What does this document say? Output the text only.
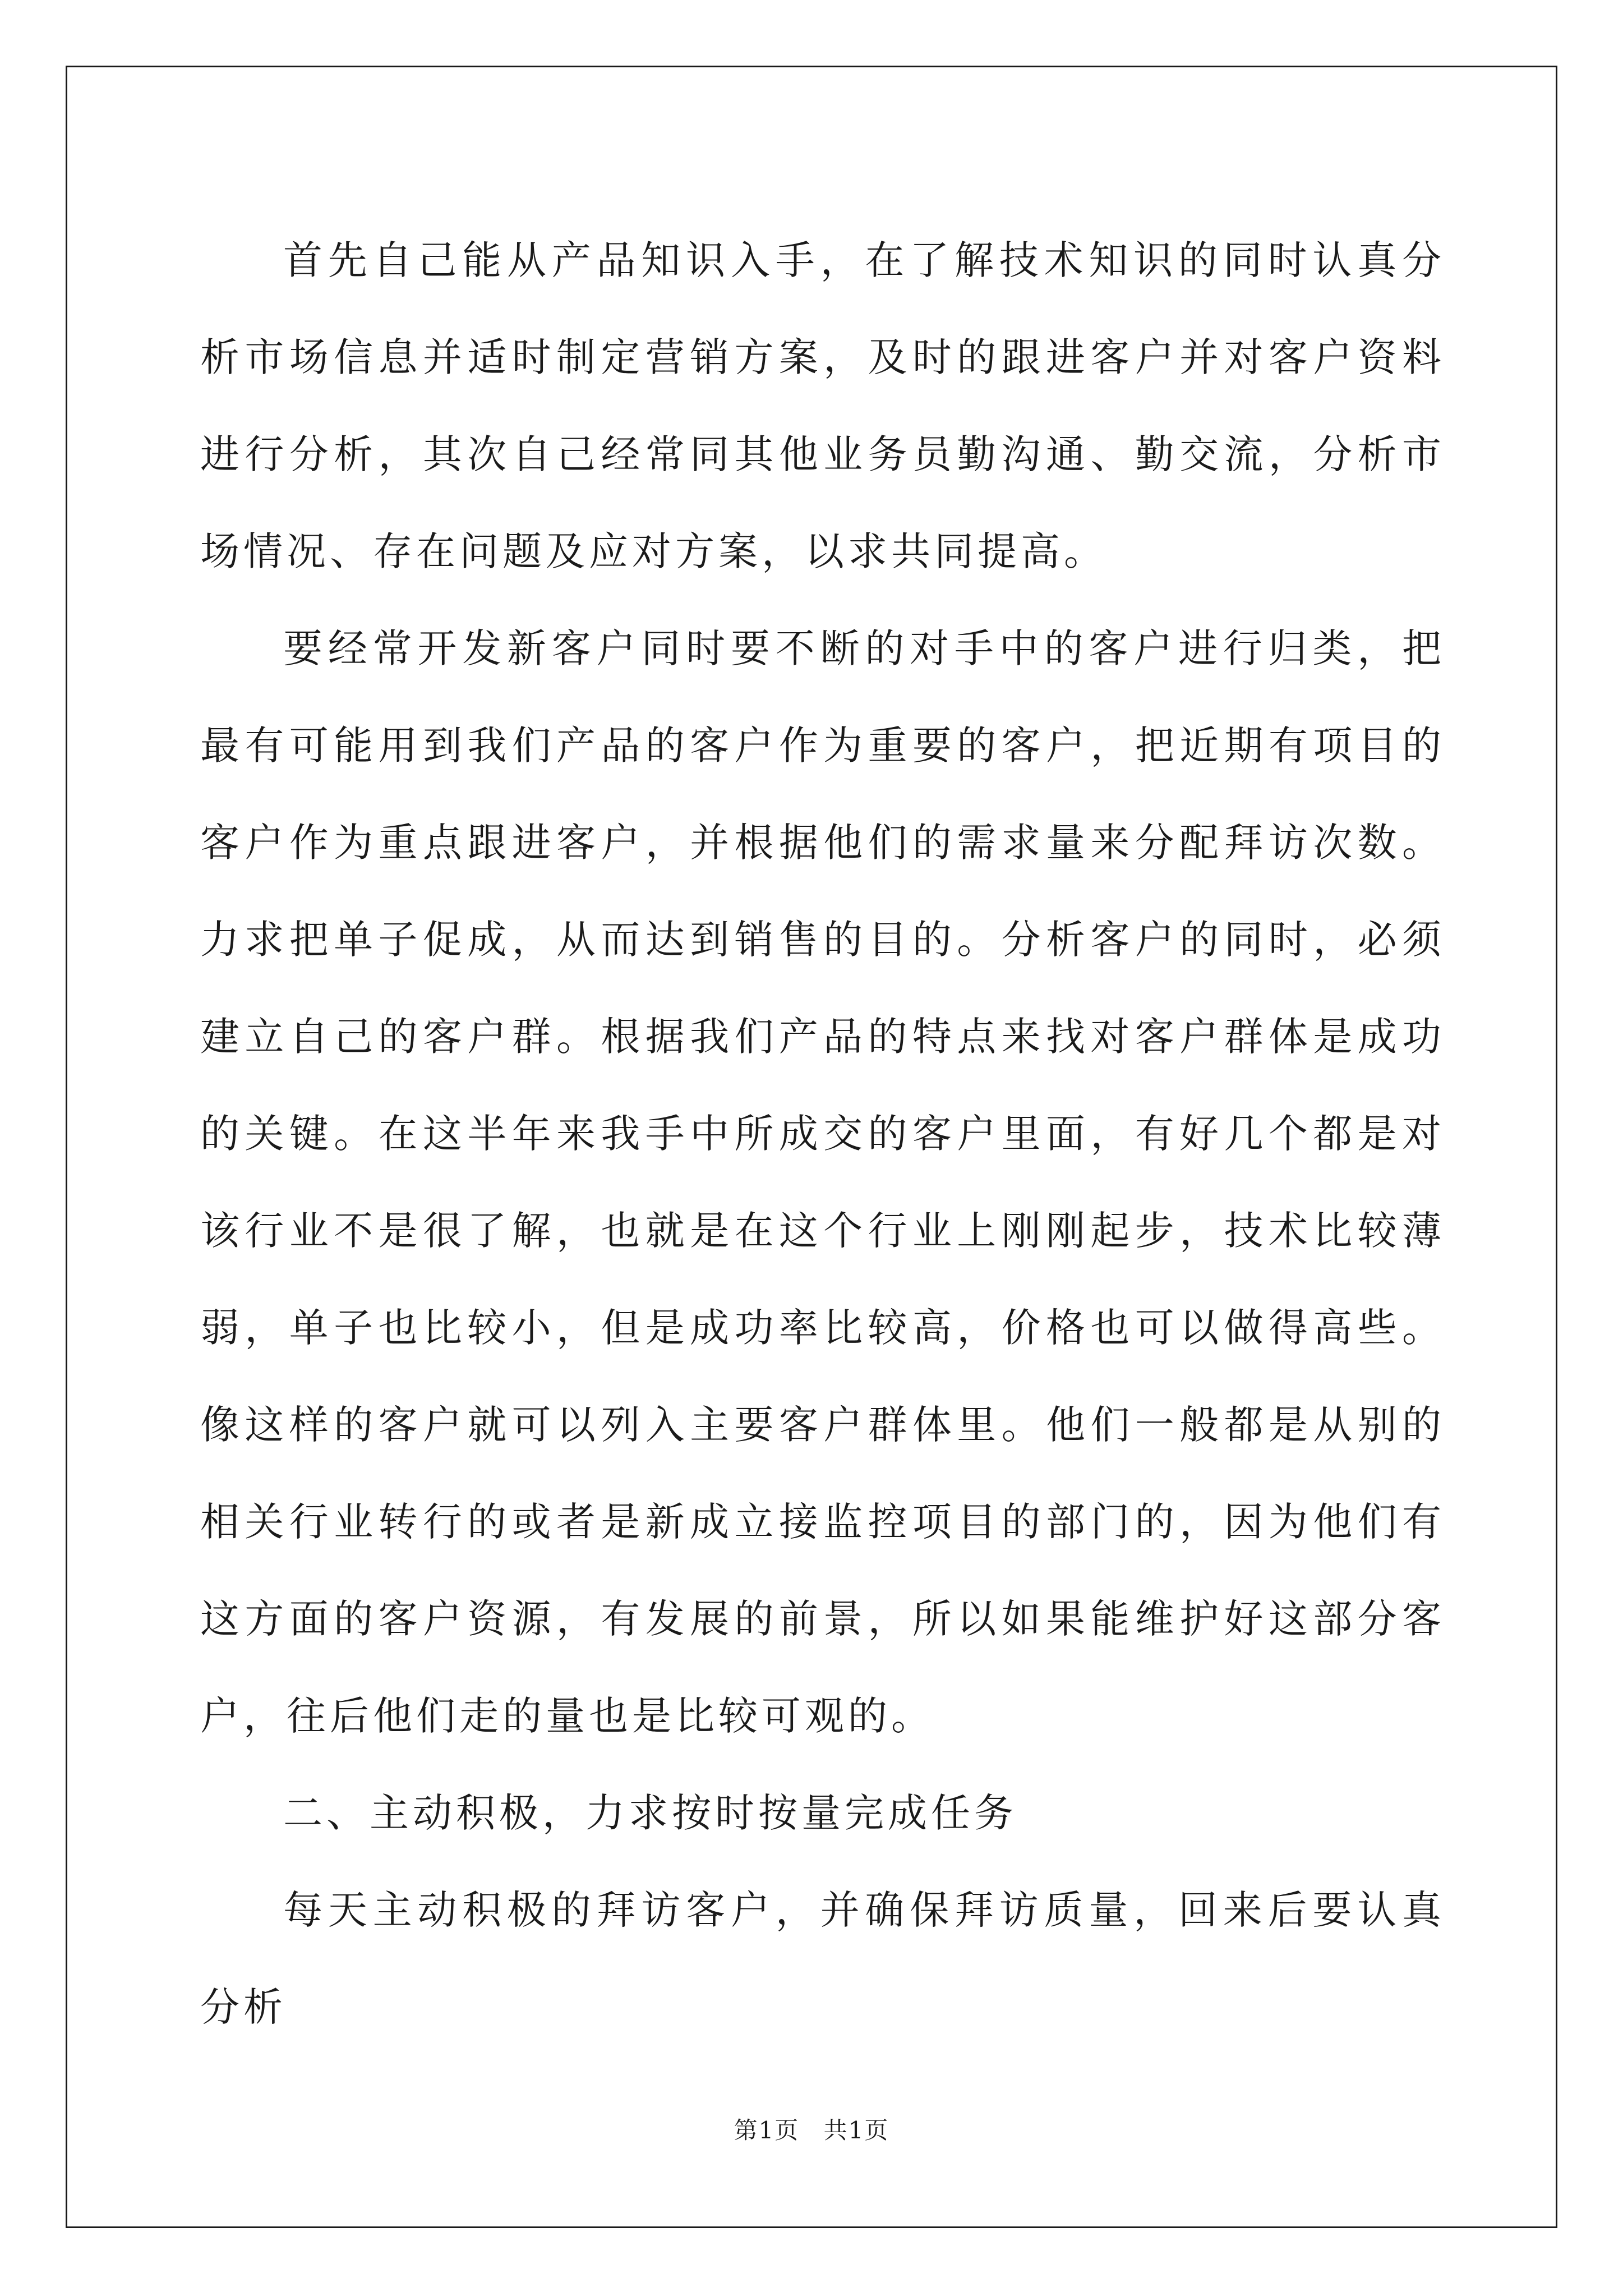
首先自己能从产品知识入手，在了解技术知识的同时认真分析市场信息并适时制定营销方案，及时的跟进客户并对客户资料进行分析，其次自己经常同其他业务员勤沟通、勤交流，分析市场情况、存在问题及应对方案，以求共同提高。

要经常开发新客户同时要不断的对手中的客户进行归类，把最有可能用到我们产品的客户作为重要的客户，把近期有项目的客户作为重点跟进客户，并根据他们的需求量来分配拜访次数。力求把单子促成，从而达到销售的目的。分析客户的同时，必须建立自己的客户群。根据我们产品的特点来找对客户群体是成功的关键。在这半年来我手中所成交的客户里面，有好几个都是对该行业不是很了解，也就是在这个行业上刚刚起步，技术比较薄弱，单子也比较小，但是成功率比较高，价格也可以做得高些。像这样的客户就可以列入主要客户群体里。他们一般都是从别的相关行业转行的或者是新成立接监控项目的部门的，因为他们有这方面的客户资源，有发展的前景，所以如果能维护好这部分客户，往后他们走的量也是比较可观的。

二、主动积极，力求按时按量完成任务

每天主动积极的拜访客户，并确保拜访质量，回来后要认真分析

第1页 共1页
